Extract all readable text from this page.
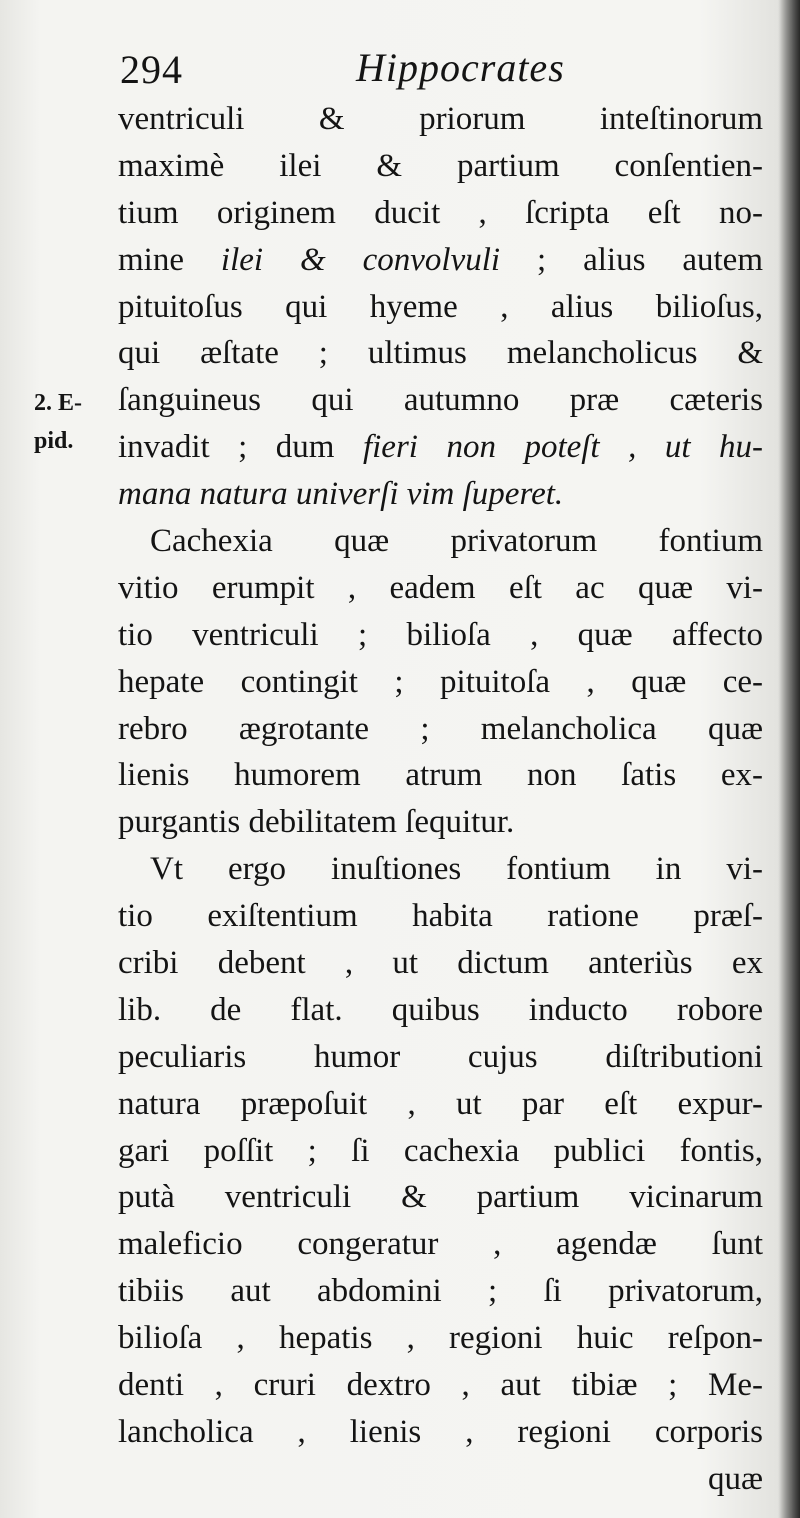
294	Hippocrates
2. E-
pid.
ventriculi & priorum inteſtinorum
maximè ilei & partium conſentien-
tium originem ducit , ſcripta eſt no-
mine ilei & convolvuli ; alius autem
pituitoſus qui hyeme , alius bilioſus,
qui æſtate ; ultimus melancholicus &
ſanguineus qui autumno præ cæteris
invadit ; dum fieri non poteſt , ut hu-
mana natura univerſi vim ſuperet.
Cachexia quæ privatorum fontium
vitio erumpit , eadem eſt ac quæ vi-
tio ventriculi ; bilioſa , quæ affecto
hepate contingit ; pituitoſa , quæ ce-
rebro ægrotante ; melancholica quæ
lienis humorem atrum non ſatis ex-
purgantis debilitatem ſequitur.
Vt ergo inuſtiones fontium in vi-
tio exiſtentium habita ratione præſ-
cribi debent , ut dictum anteriùs ex
lib. de flat. quibus inducto robore
peculiaris humor cujus diſtributioni
natura præpoſuit , ut par eſt expur-
gari poſſit ; ſi cachexia publici fontis,
putà ventriculi & partium vicinarum
maleficio congeratur , agendæ ſunt
tibiis aut abdomini ; ſi privatorum,
bilioſa , hepatis , regioni huic reſpon-
denti , cruri dextro , aut tibiæ ; Me-
lancholica , lienis , regioni corporis
quæ
